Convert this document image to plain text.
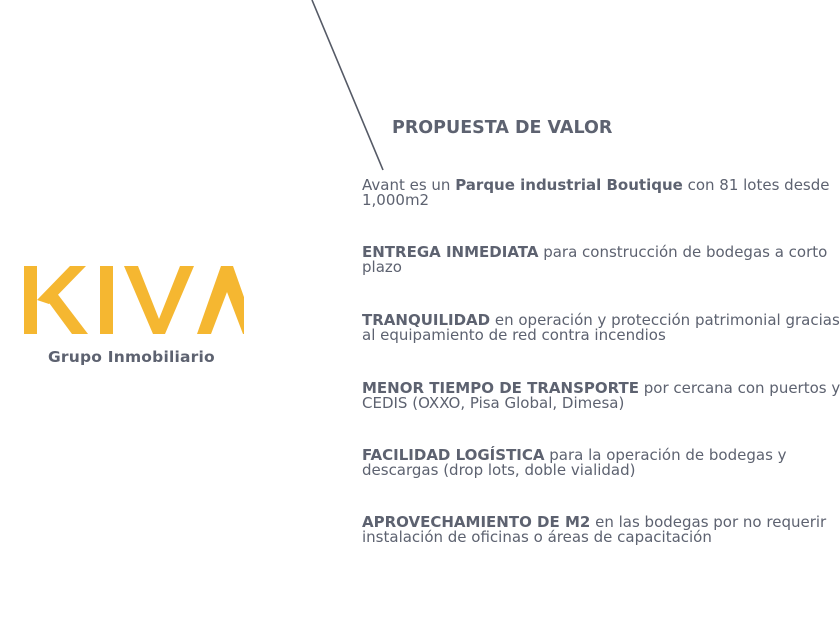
Grupo Inmobiliario
PROPUESTA DE VALOR
Avant es un Parque industrial Boutique con 81 lotes desde
1,000m2
ENTREGA INMEDIATA para construcción de bodegas a corto
plazo
TRANQUILIDAD en operación y protección patrimonial gracias
al equipamiento de red contra incendios
MENOR TIEMPO DE TRANSPORTE por cercana con puertos y
CEDIS (OXXO, Pisa Global, Dimesa)
FACILIDAD LOGÍSTICA para la operación de bodegas y
descargas (drop lots, doble vialidad)
APROVECHAMIENTO DE M2 en las bodegas por no requerir
instalación de oficinas o áreas de capacitación
